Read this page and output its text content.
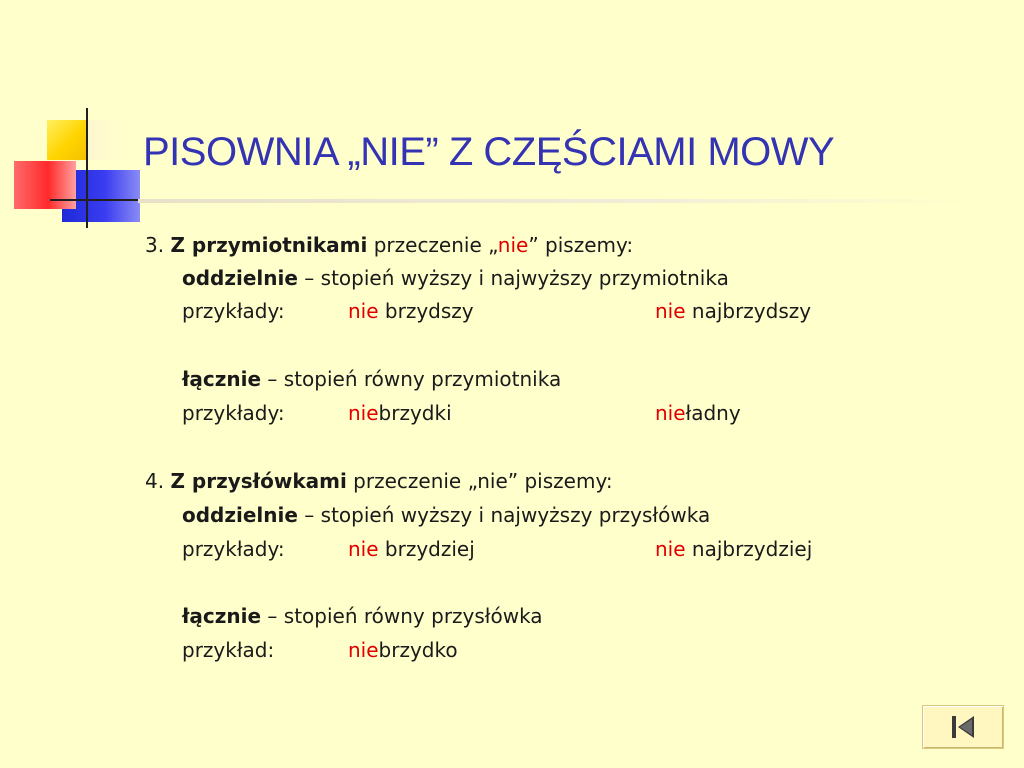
PISOWNIA „NIE” Z CZĘŚCIAMI MOWY
3. Z przymiotnikami przeczenie „nie” piszemy:
oddzielnie – stopień wyższy i najwyższy przymiotnika
przykłady:	nie brzydszy	nie najbrzydszy
łącznie – stopień równy przymiotnika
przykłady:	niebrzydki	nieładny
4. Z przysłówkami przeczenie „nie” piszemy:
oddzielnie – stopień wyższy i najwyższy przysłówka
przykłady:	nie brzydziej	nie najbrzydziej
łącznie – stopień równy przysłówka
przykład:	niebrzydko
